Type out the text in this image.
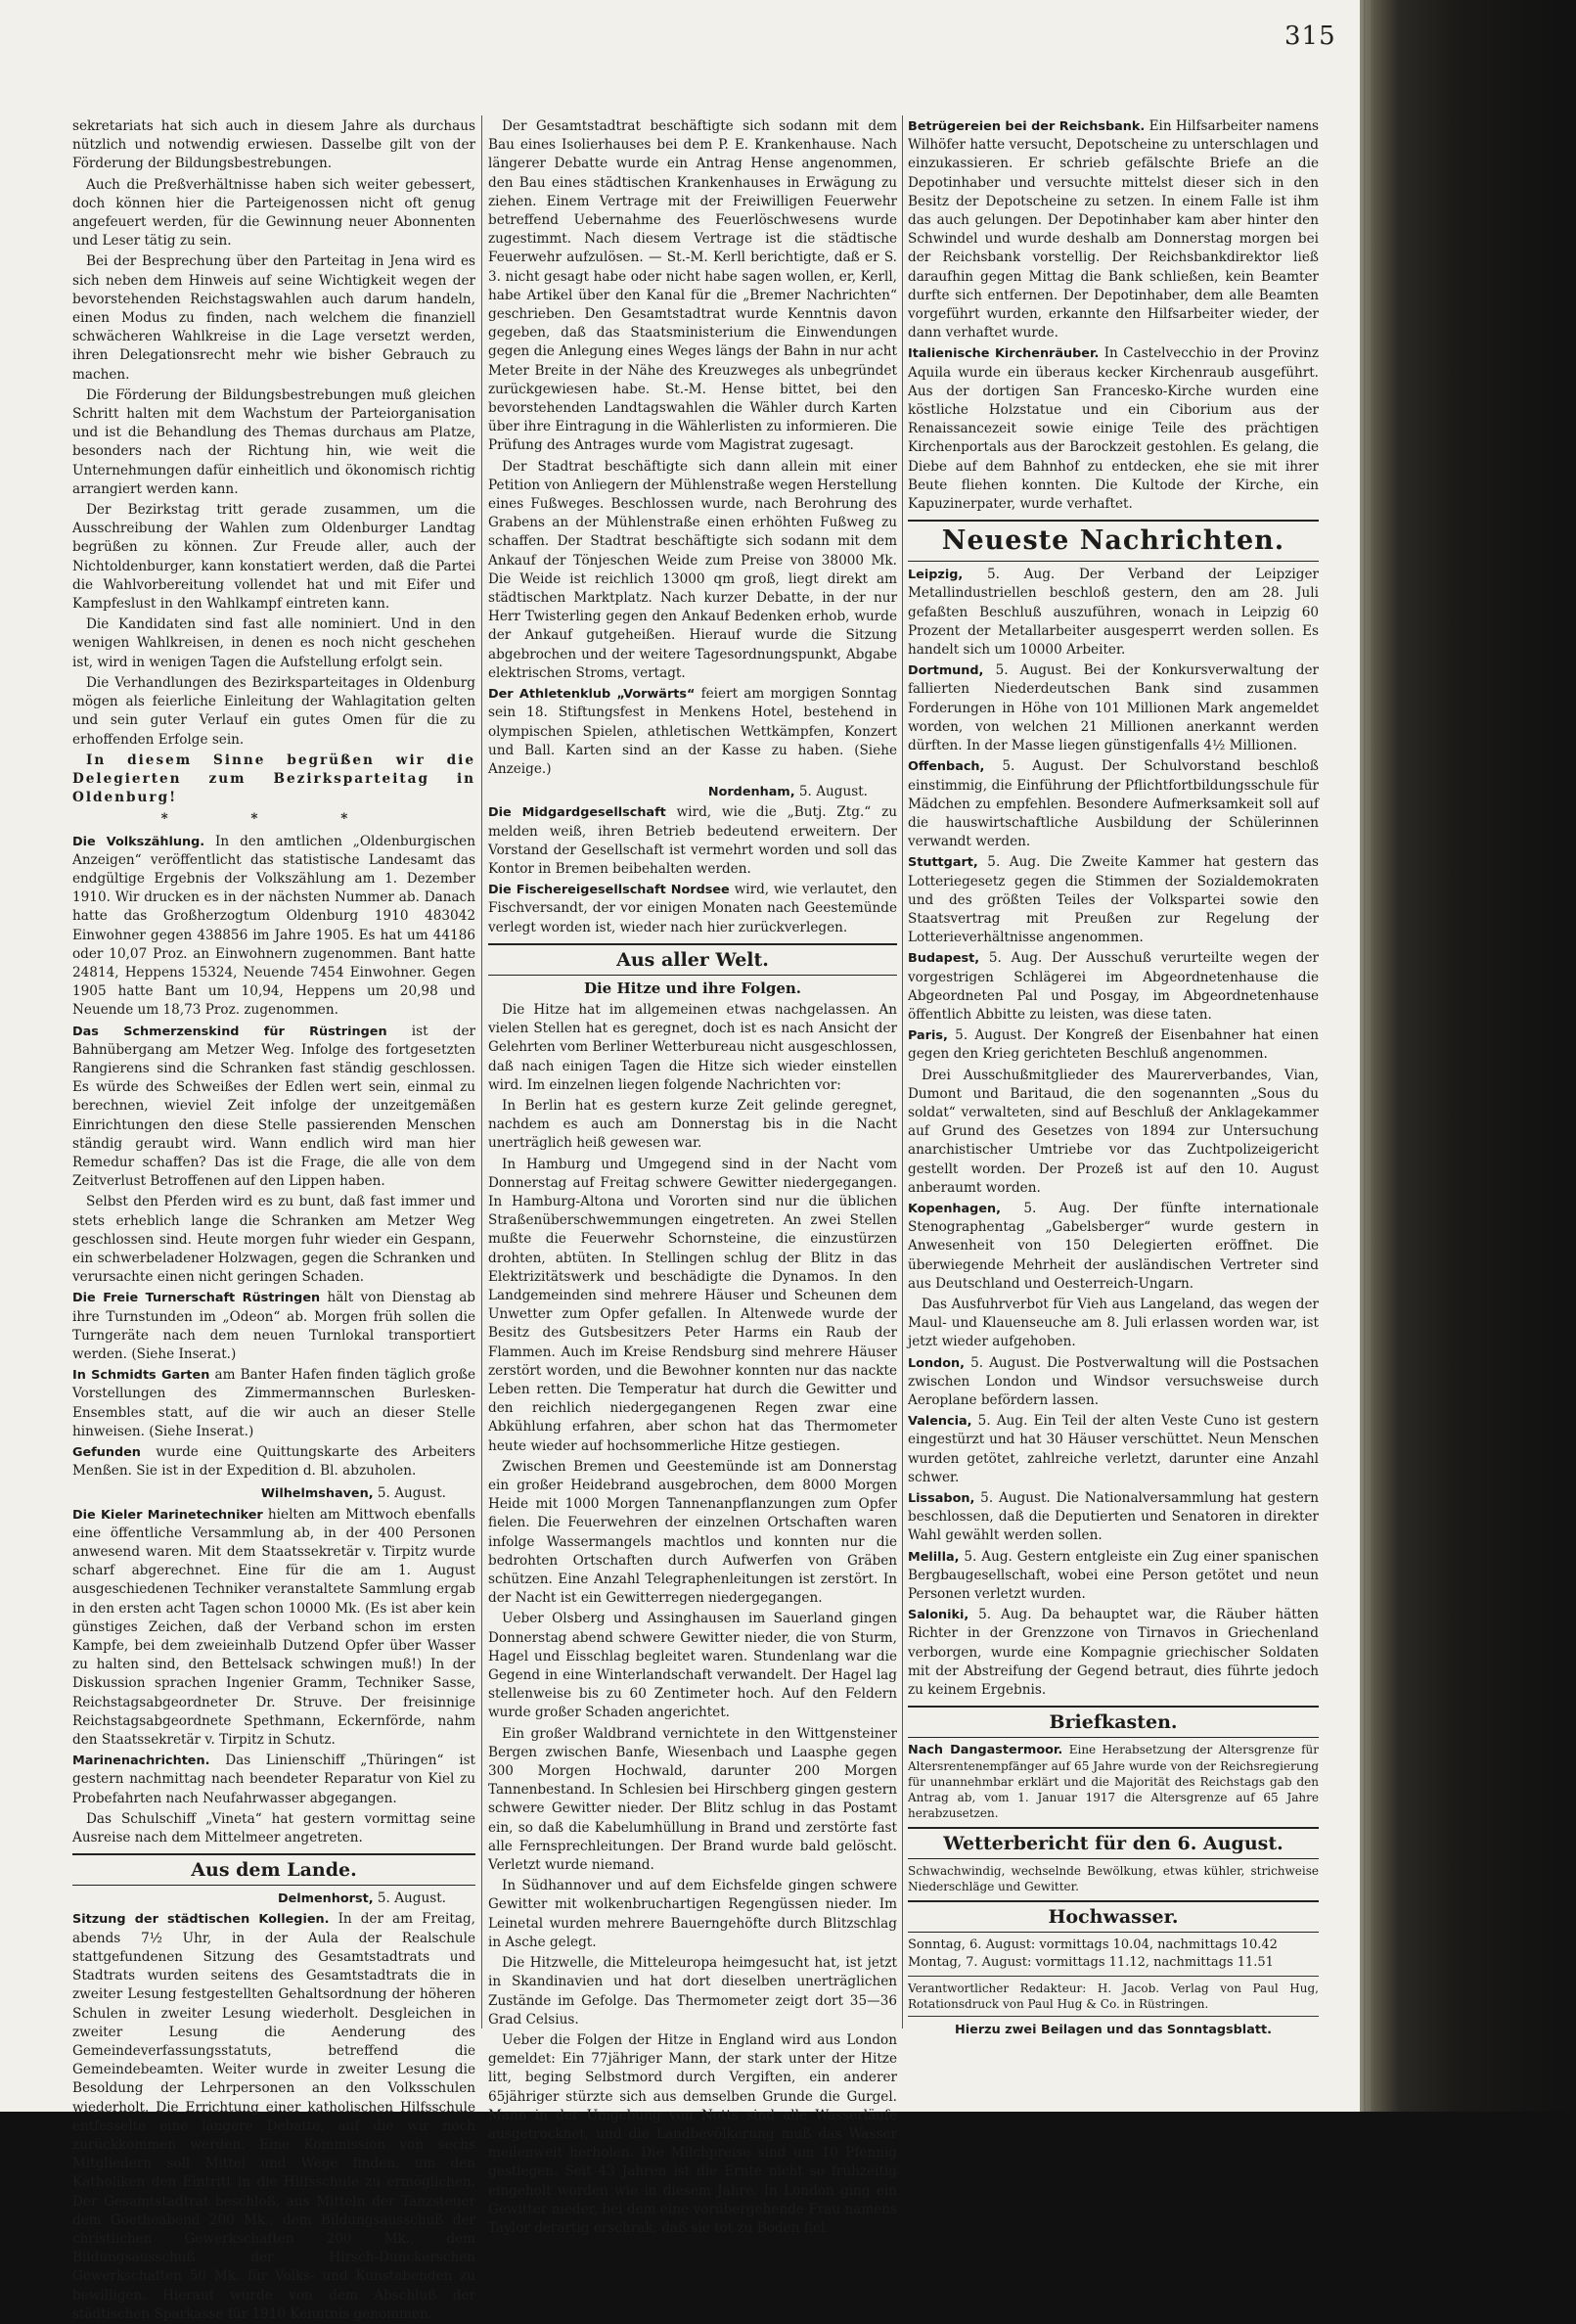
315

sekretariats hat sich auch in diesem Jahre als durchaus nützlich und notwendig erwiesen. Dasselbe gilt von der Förderung der Bildungsbestrebungen.

Auch die Preßverhältnisse haben sich weiter gebessert, doch können hier die Parteigenossen nicht oft genug angefeuert werden, für die Gewinnung neuer Abonnenten und Leser tätig zu sein.

Bei der Besprechung über den Parteitag in Jena wird es sich neben dem Hinweis auf seine Wichtigkeit wegen der bevorstehenden Reichstagswahlen auch darum handeln, einen Modus zu finden, nach welchem die finanziell schwächeren Wahlkreise in die Lage versetzt werden, ihren Delegationsrecht mehr wie bisher Gebrauch zu machen.

Die Förderung der Bildungsbestrebungen muß gleichen Schritt halten mit dem Wachstum der Parteiorganisation und ist die Behandlung des Themas durchaus am Platze, besonders nach der Richtung hin, wie weit die Unternehmungen dafür einheitlich und ökonomisch richtig arrangiert werden kann.

Der Bezirkstag tritt gerade zusammen, um die Ausschreibung der Wahlen zum Oldenburger Landtag begrüßen zu können. Zur Freude aller, auch der Nichtoldenburger, kann konstatiert werden, daß die Partei die Wahlvorbereitung vollendet hat und mit Eifer und Kampfeslust in den Wahlkampf eintreten kann.

Die Kandidaten sind fast alle nominiert. Und in den wenigen Wahlkreisen, in denen es noch nicht geschehen ist, wird in wenigen Tagen die Aufstellung erfolgt sein.

Die Verhandlungen des Bezirksparteitages in Oldenburg mögen als feierliche Einleitung der Wahlagitation gelten und sein guter Verlauf ein gutes Omen für die zu erhoffenden Erfolge sein.

In diesem Sinne begrüßen wir die Delegierten zum Bezirksparteitag in Oldenburg!

* * *

Die Volkszählung. In den amtlichen „Oldenburgischen Anzeigen“ veröffentlicht das statistische Landesamt das endgültige Ergebnis der Volkszählung am 1. Dezember 1910. Wir drucken es in der nächsten Nummer ab. Danach hatte das Großherzogtum Oldenburg 1910 483042 Einwohner gegen 438856 im Jahre 1905. Es hat um 44186 oder 10,07 Proz. an Einwohnern zugenommen. Bant hatte 24814, Heppens 15324, Neuende 7454 Einwohner. Gegen 1905 hatte Bant um 10,94, Heppens um 20,98 und Neuende um 18,73 Proz. zugenommen.

Das Schmerzenskind für Rüstringen ist der Bahnübergang am Metzer Weg. Infolge des fortgesetzten Rangierens sind die Schranken fast ständig geschlossen. Es würde des Schweißes der Edlen wert sein, einmal zu berechnen, wieviel Zeit infolge der unzeitgemäßen Einrichtungen den diese Stelle passierenden Menschen ständig geraubt wird. Wann endlich wird man hier Remedur schaffen? Das ist die Frage, die alle von dem Zeitverlust Betroffenen auf den Lippen haben.

Selbst den Pferden wird es zu bunt, daß fast immer und stets erheblich lange die Schranken am Metzer Weg geschlossen sind. Heute morgen fuhr wieder ein Gespann, ein schwerbeladener Holzwagen, gegen die Schranken und verursachte einen nicht geringen Schaden.

Die Freie Turnerschaft Rüstringen hält von Dienstag ab ihre Turnstunden im „Odeon“ ab. Morgen früh sollen die Turngeräte nach dem neuen Turnlokal transportiert werden. (Siehe Inserat.)

In Schmidts Garten am Banter Hafen finden täglich große Vorstellungen des Zimmermannschen Burlesken-Ensembles statt, auf die wir auch an dieser Stelle hinweisen. (Siehe Inserat.)

Gefunden wurde eine Quittungskarte des Arbeiters Menßen. Sie ist in der Expedition d. Bl. abzuholen.

Wilhelmshaven, 5. August.

Die Kieler Marinetechniker hielten am Mittwoch ebenfalls eine öffentliche Versammlung ab, in der 400 Personen anwesend waren. Mit dem Staatssekretär v. Tirpitz wurde scharf abgerechnet. Eine für die am 1. August ausgeschiedenen Techniker veranstaltete Sammlung ergab in den ersten acht Tagen schon 10000 Mk. (Es ist aber kein günstiges Zeichen, daß der Verband schon im ersten Kampfe, bei dem zweieinhalb Dutzend Opfer über Wasser zu halten sind, den Bettelsack schwingen muß!) In der Diskussion sprachen Ingenier Gramm, Techniker Sasse, Reichstagsabgeordneter Dr. Struve. Der freisinnige Reichstagsabgeordnete Spethmann, Eckernförde, nahm den Staatssekretär v. Tirpitz in Schutz.

Marinenachrichten. Das Linienschiff „Thüringen“ ist gestern nachmittag nach beendeter Reparatur von Kiel zu Probefahrten nach Neufahrwasser abgegangen.

Das Schulschiff „Vineta“ hat gestern vormittag seine Ausreise nach dem Mittelmeer angetreten.

Aus dem Lande.

Delmenhorst, 5. August.

Sitzung der städtischen Kollegien. In der am Freitag, abends 7½ Uhr, in der Aula der Realschule stattgefundenen Sitzung des Gesamtstadtrats und Stadtrats wurden seitens des Gesamtstadtrats die in zweiter Lesung festgestellten Gehaltsordnung der höheren Schulen in zweiter Lesung wiederholt. Desgleichen in zweiter Lesung die Aenderung des Gemeindeverfassungsstatuts, betreffend die Gemeindebeamten. Weiter wurde in zweiter Lesung die Besoldung der Lehrpersonen an den Volksschulen wiederholt. Die Errichtung einer katholischen Hilfsschule entfesselte eine längere Debatte, auf die wir noch zurückkommen werden. Eine Kommission von sechs Mitgliedern soll Mittel und Wege finden, um den Katholiken den Eintritt in die Hilfsschule zu ermöglichen. Der Gesamtstadtrat beschloß, aus Mitteln der Tanzsteuer dem Goetheabend 200 Mk., dem Bildungsausschuß der christlichen Gewerkschaften 200 Mk., dem Bildungsausschuß der Hirsch-Dunckerschen Gewerkschaften 50 Mk. für Volks- und Kunstabenden zu bewilligen. Hierauf wurde von dem Abschluß der städtischen Sparkasse für 1910 Kenntnis genommen.

Der Gesamtstadtrat beschäftigte sich sodann mit dem Bau eines Isolierhauses bei dem P. E. Krankenhause. Nach längerer Debatte wurde ein Antrag Hense angenommen, den Bau eines städtischen Krankenhauses in Erwägung zu ziehen. Einem Vertrage mit der Freiwilligen Feuerwehr betreffend Uebernahme des Feuerlöschwesens wurde zugestimmt. Nach diesem Vertrage ist die städtische Feuerwehr aufzulösen. — St.-M. Kerll berichtigte, daß er S. 3. nicht gesagt habe oder nicht habe sagen wollen, er, Kerll, habe Artikel über den Kanal für die „Bremer Nachrichten“ geschrieben. Den Gesamtstadtrat wurde Kenntnis davon gegeben, daß das Staatsministerium die Einwendungen gegen die Anlegung eines Weges längs der Bahn in nur acht Meter Breite in der Nähe des Kreuzweges als unbegründet zurückgewiesen habe. St.-M. Hense bittet, bei den bevorstehenden Landtagswahlen die Wähler durch Karten über ihre Eintragung in die Wählerlisten zu informieren. Die Prüfung des Antrages wurde vom Magistrat zugesagt.

Der Stadtrat beschäftigte sich dann allein mit einer Petition von Anliegern der Mühlenstraße wegen Herstellung eines Fußweges. Beschlossen wurde, nach Berohrung des Grabens an der Mühlenstraße einen erhöhten Fußweg zu schaffen. Der Stadtrat beschäftigte sich sodann mit dem Ankauf der Tönjeschen Weide zum Preise von 38000 Mk. Die Weide ist reichlich 13000 qm groß, liegt direkt am städtischen Marktplatz. Nach kurzer Debatte, in der nur Herr Twisterling gegen den Ankauf Bedenken erhob, wurde der Ankauf gutgeheißen. Hierauf wurde die Sitzung abgebrochen und der weitere Tagesordnungspunkt, Abgabe elektrischen Stroms, vertagt.

Der Athletenklub „Vorwärts“ feiert am morgigen Sonntag sein 18. Stiftungsfest in Menkens Hotel, bestehend in olympischen Spielen, athletischen Wettkämpfen, Konzert und Ball. Karten sind an der Kasse zu haben. (Siehe Anzeige.)

Nordenham, 5. August.

Die Midgardgesellschaft wird, wie die „Butj. Ztg.“ zu melden weiß, ihren Betrieb bedeutend erweitern. Der Vorstand der Gesellschaft ist vermehrt worden und soll das Kontor in Bremen beibehalten werden.

Die Fischereigesellschaft Nordsee wird, wie verlautet, den Fischversandt, der vor einigen Monaten nach Geestemünde verlegt worden ist, wieder nach hier zurückverlegen.

Aus aller Welt.
Die Hitze und ihre Folgen.

Die Hitze hat im allgemeinen etwas nachgelassen. An vielen Stellen hat es geregnet, doch ist es nach Ansicht der Gelehrten vom Berliner Wetterbureau nicht ausgeschlossen, daß nach einigen Tagen die Hitze sich wieder einstellen wird. Im einzelnen liegen folgende Nachrichten vor:

In Berlin hat es gestern kurze Zeit gelinde geregnet, nachdem es auch am Donnerstag bis in die Nacht unerträglich heiß gewesen war.

In Hamburg und Umgegend sind in der Nacht vom Donnerstag auf Freitag schwere Gewitter niedergegangen. In Hamburg-Altona und Vororten sind nur die üblichen Straßenüberschwemmungen eingetreten. An zwei Stellen mußte die Feuerwehr Schornsteine, die einzustürzen drohten, abtüten. In Stellingen schlug der Blitz in das Elektrizitätswerk und beschädigte die Dynamos. In den Landgemeinden sind mehrere Häuser und Scheunen dem Unwetter zum Opfer gefallen. In Altenwede wurde der Besitz des Gutsbesitzers Peter Harms ein Raub der Flammen. Auch im Kreise Rendsburg sind mehrere Häuser zerstört worden, und die Bewohner konnten nur das nackte Leben retten. Die Temperatur hat durch die Gewitter und den reichlich niedergegangenen Regen zwar eine Abkühlung erfahren, aber schon hat das Thermometer heute wieder auf hochsommerliche Hitze gestiegen.

Zwischen Bremen und Geestemünde ist am Donnerstag ein großer Heidebrand ausgebrochen, dem 8000 Morgen Heide mit 1000 Morgen Tannenanpflanzungen zum Opfer fielen. Die Feuerwehren der einzelnen Ortschaften waren infolge Wassermangels machtlos und konnten nur die bedrohten Ortschaften durch Aufwerfen von Gräben schützen. Eine Anzahl Telegraphenleitungen ist zerstört. In der Nacht ist ein Gewitterregen niedergegangen.

Ueber Olsberg und Assinghausen im Sauerland gingen Donnerstag abend schwere Gewitter nieder, die von Sturm, Hagel und Eisschlag begleitet waren. Stundenlang war die Gegend in eine Winterlandschaft verwandelt. Der Hagel lag stellenweise bis zu 60 Zentimeter hoch. Auf den Feldern wurde großer Schaden angerichtet.

Ein großer Waldbrand vernichtete in den Wittgensteiner Bergen zwischen Banfe, Wiesenbach und Laasphe gegen 300 Morgen Hochwald, darunter 200 Morgen Tannenbestand. In Schlesien bei Hirschberg gingen gestern schwere Gewitter nieder. Der Blitz schlug in das Postamt ein, so daß die Kabelumhüllung in Brand und zerstörte fast alle Fernsprechleitungen. Der Brand wurde bald gelöscht. Verletzt wurde niemand.

In Südhannover und auf dem Eichsfelde gingen schwere Gewitter mit wolkenbruchartigen Regengüssen nieder. Im Leinetal wurden mehrere Bauerngehöfte durch Blitzschlag in Asche gelegt.

Die Hitzwelle, die Mitteleuropa heimgesucht hat, ist jetzt in Skandinavien und hat dort dieselben unerträglichen Zustände im Gefolge. Das Thermometer zeigt dort 35—36 Grad Celsius.

Ueber die Folgen der Hitze in England wird aus London gemeldet: Ein 77jähriger Mann, der stark unter der Hitze litt, beging Selbstmord durch Vergiften, ein anderer 65jähriger stürzte sich aus demselben Grunde die Gurgel. Mann in der Umgebung von Notts sind alle Wasserläufe ausgetrocknet, und die Landbevölkerung muß das Wasser meilenweit herholen. Die Milchpreise sind um 10 Pfennig gestiegen. Seit 43 Jahren ist die Ernte nicht so frühzeitig eingeholt worden wie in diesem Jahre. In London ging ein Gewitter nieder, bei dem eine vorübergehende Frau namens Taylor derartig erschrak, daß sie tot zu Boden fiel.

Betrügereien bei der Reichsbank. Ein Hilfsarbeiter namens Wilhöfer hatte versucht, Depotscheine zu unterschlagen und einzukassieren. Er schrieb gefälschte Briefe an die Depotinhaber und versuchte mittelst dieser sich in den Besitz der Depotscheine zu setzen. In einem Falle ist ihm das auch gelungen. Der Depotinhaber kam aber hinter den Schwindel und wurde deshalb am Donnerstag morgen bei der Reichsbank vorstellig. Der Reichsbankdirektor ließ daraufhin gegen Mittag die Bank schließen, kein Beamter durfte sich entfernen. Der Depotinhaber, dem alle Beamten vorgeführt wurden, erkannte den Hilfsarbeiter wieder, der dann verhaftet wurde.

Italienische Kirchenräuber. In Castelvecchio in der Provinz Aquila wurde ein überaus kecker Kirchenraub ausgeführt. Aus der dortigen San Francesko-Kirche wurden eine köstliche Holzstatue und ein Ciborium aus der Renaissancezeit sowie einige Teile des prächtigen Kirchenportals aus der Barockzeit gestohlen. Es gelang, die Diebe auf dem Bahnhof zu entdecken, ehe sie mit ihrer Beute fliehen konnten. Die Kultode der Kirche, ein Kapuzinerpater, wurde verhaftet.

Neueste Nachrichten.

Leipzig, 5. Aug. Der Verband der Leipziger Metallindustriellen beschloß gestern, den am 28. Juli gefaßten Beschluß auszuführen, wonach in Leipzig 60 Prozent der Metallarbeiter ausgesperrt werden sollen. Es handelt sich um 10000 Arbeiter.

Dortmund, 5. August. Bei der Konkursverwaltung der fallierten Niederdeutschen Bank sind zusammen Forderungen in Höhe von 101 Millionen Mark angemeldet worden, von welchen 21 Millionen anerkannt werden dürften. In der Masse liegen günstigenfalls 4½ Millionen.

Offenbach, 5. August. Der Schulvorstand beschloß einstimmig, die Einführung der Pflichtfortbildungsschule für Mädchen zu empfehlen. Besondere Aufmerksamkeit soll auf die hauswirtschaftliche Ausbildung der Schülerinnen verwandt werden.

Stuttgart, 5. Aug. Die Zweite Kammer hat gestern das Lotteriegesetz gegen die Stimmen der Sozialdemokraten und des größten Teiles der Volkspartei sowie den Staatsvertrag mit Preußen zur Regelung der Lotterieverhältnisse angenommen.

Budapest, 5. Aug. Der Ausschuß verurteilte wegen der vorgestrigen Schlägerei im Abgeordnetenhause die Abgeordneten Pal und Posgay, im Abgeordnetenhause öffentlich Abbitte zu leisten, was diese taten.

Paris, 5. August. Der Kongreß der Eisenbahner hat einen gegen den Krieg gerichteten Beschluß angenommen.

Drei Ausschußmitglieder des Maurerverbandes, Vian, Dumont und Baritaud, die den sogenannten „Sous du soldat“ verwalteten, sind auf Beschluß der Anklagekammer auf Grund des Gesetzes von 1894 zur Untersuchung anarchistischer Umtriebe vor das Zuchtpolizeigericht gestellt worden. Der Prozeß ist auf den 10. August anberaumt worden.

Kopenhagen, 5. Aug. Der fünfte internationale Stenographentag „Gabelsberger“ wurde gestern in Anwesenheit von 150 Delegierten eröffnet. Die überwiegende Mehrheit der ausländischen Vertreter sind aus Deutschland und Oesterreich-Ungarn.

Das Ausfuhrverbot für Vieh aus Langeland, das wegen der Maul- und Klauenseuche am 8. Juli erlassen worden war, ist jetzt wieder aufgehoben.

London, 5. August. Die Postverwaltung will die Postsachen zwischen London und Windsor versuchsweise durch Aeroplane befördern lassen.

Valencia, 5. Aug. Ein Teil der alten Veste Cuno ist gestern eingestürzt und hat 30 Häuser verschüttet. Neun Menschen wurden getötet, zahlreiche verletzt, darunter eine Anzahl schwer.

Lissabon, 5. August. Die Nationalversammlung hat gestern beschlossen, daß die Deputierten und Senatoren in direkter Wahl gewählt werden sollen.

Melilla, 5. Aug. Gestern entgleiste ein Zug einer spanischen Bergbaugesellschaft, wobei eine Person getötet und neun Personen verletzt wurden.

Saloniki, 5. Aug. Da behauptet war, die Räuber hätten Richter in der Grenzzone von Tirnavos in Griechenland verborgen, wurde eine Kompagnie griechischer Soldaten mit der Abstreifung der Gegend betraut, dies führte jedoch zu keinem Ergebnis.

Briefkasten.

Nach Dangastermoor. Eine Herabsetzung der Altersgrenze für Altersrentenempfänger auf 65 Jahre wurde von der Reichsregierung für unannehmbar erklärt und die Majorität des Reichstags gab den Antrag ab, vom 1. Januar 1917 die Altersgrenze auf 65 Jahre herabzusetzen.

Wetterbericht für den 6. August.

Schwachwindig, wechselnde Bewölkung, etwas kühler, strichweise Niederschläge und Gewitter.

Hochwasser.
Sonntag, 6. August: vormittags 10.04, nachmittags 10.42
Montag, 7. August: vormittags 11.12, nachmittags 11.51

Verantwortlicher Redakteur: H. Jacob. Verlag von Paul Hug, Rotationsdruck von Paul Hug & Co. in Rüstringen.

Hierzu zwei Beilagen und das Sonntagsblatt.
